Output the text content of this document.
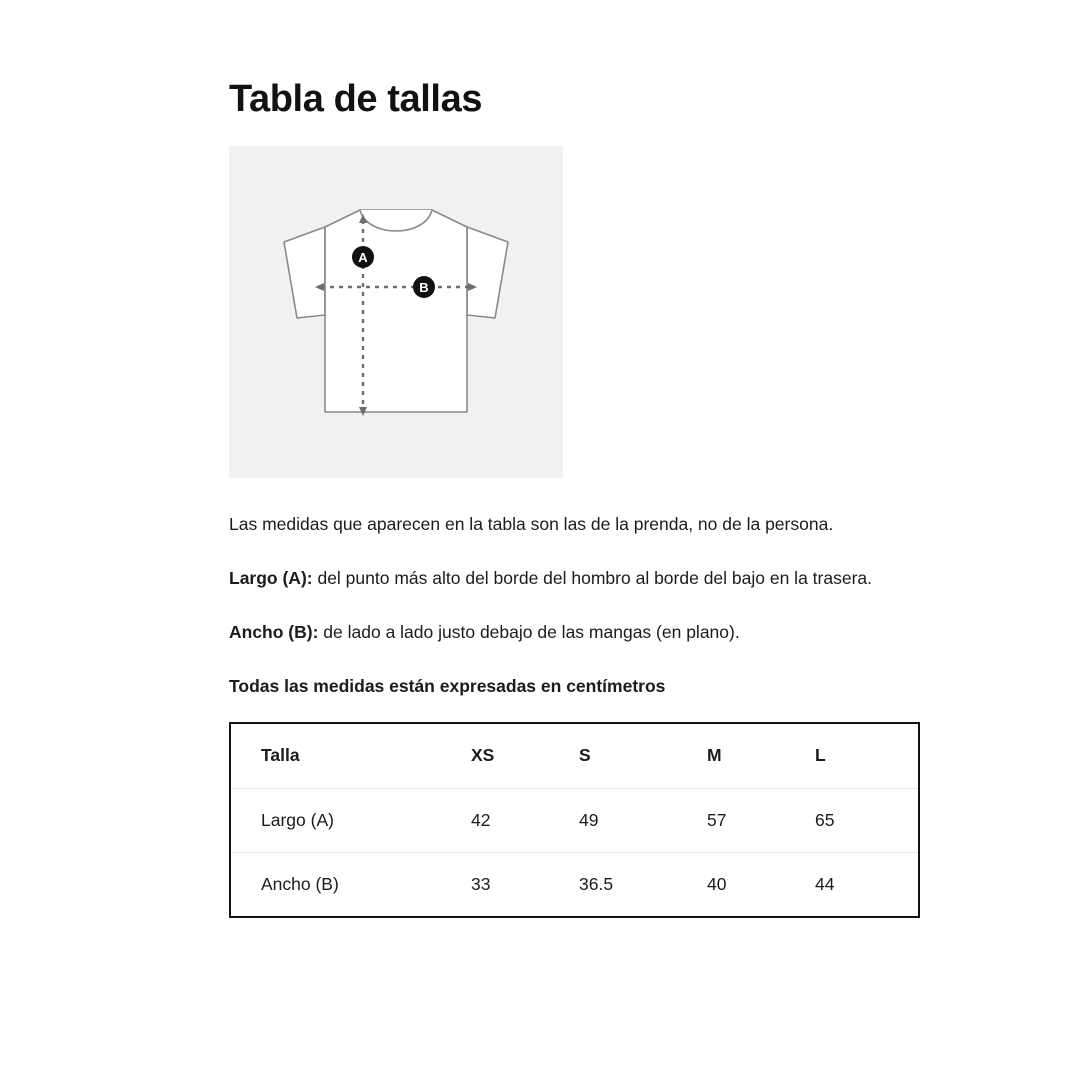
Tabla de tallas
A
B

Las medidas que aparecen en la tabla son las de la prenda, no de la persona.

Largo (A): del punto más alto del borde del hombro al borde del bajo en la trasera.

Ancho (B): de lado a lado justo debajo de las mangas (en plano).

Todas las medidas están expresadas en centímetros

Talla	XS	S	M	L
Largo (A)	42	49	57	65
Ancho (B)	33	36.5	40	44
